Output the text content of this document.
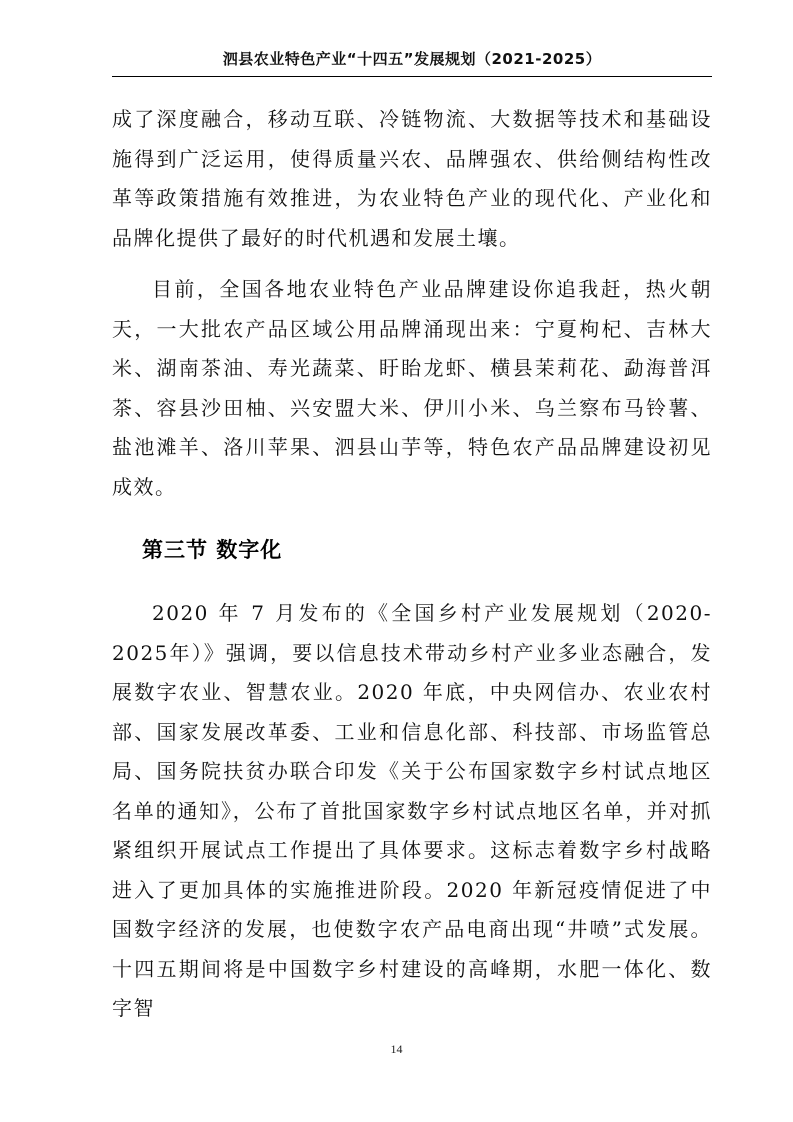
泗县农业特色产业“十四五”发展规划（2021-2025）
成了深度融合，移动互联、冷链物流、大数据等技术和基础设施得到广泛运用，使得质量兴农、品牌强农、供给侧结构性改革等政策措施有效推进，为农业特色产业的现代化、产业化和品牌化提供了最好的时代机遇和发展土壤。
目前，全国各地农业特色产业品牌建设你追我赶，热火朝天，一大批农产品区域公用品牌涌现出来：宁夏枸杞、吉林大米、湖南茶油、寿光蔬菜、盱眙龙虾、横县茉莉花、勐海普洱茶、容县沙田柚、兴安盟大米、伊川小米、乌兰察布马铃薯、盐池滩羊、洛川苹果、泗县山芋等，特色农产品品牌建设初见成效。
第三节 数字化
2020 年 7 月发布的《全国乡村产业发展规划（2020-2025年）》强调，要以信息技术带动乡村产业多业态融合，发展数字农业、智慧农业。2020 年底，中央网信办、农业农村部、国家发展改革委、工业和信息化部、科技部、市场监管总局、国务院扶贫办联合印发《关于公布国家数字乡村试点地区名单的通知》，公布了首批国家数字乡村试点地区名单，并对抓紧组织开展试点工作提出了具体要求。这标志着数字乡村战略进入了更加具体的实施推进阶段。2020 年新冠疫情促进了中国数字经济的发展，也使数字农产品电商出现“井喷”式发展。十四五期间将是中国数字乡村建设的高峰期，水肥一体化、数字智
14
